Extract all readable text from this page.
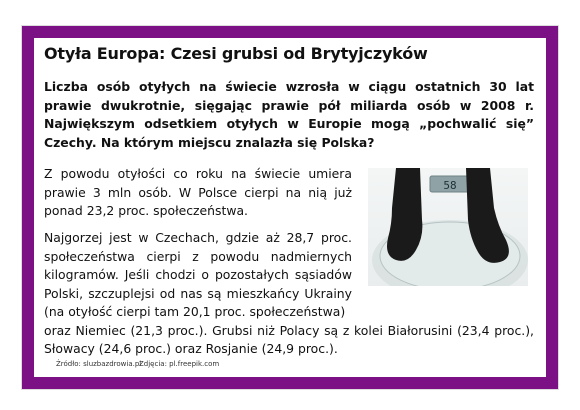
Otyła Europa: Czesi grubsi od Brytyjczyków

Liczba osób otyłych na świecie wzrosła w ciągu ostatnich 30 lat prawie dwukrotnie, sięgając prawie pół miliarda osób w 2008 r. Największym odsetkiem otyłych w Europie mogą „pochwalić się” Czechy. Na którym miejscu znalazła się Polska?

Z powodu otyłości co roku na świecie umiera prawie 3 mln osób. W Polsce cierpi na nią już ponad 23,2 proc. społeczeństwa.

Najgorzej jest w Czechach, gdzie aż 28,7 proc. społeczeństwa cierpi z powodu nadmiernych kilogramów. Jeśli chodzi o pozostałych sąsiadów Polski, szczuplejsi od nas są mieszkańcy Ukrainy (na otyłość cierpi tam 20,1 proc. społeczeństwa)
oraz Niemiec (21,3 proc.). Grubsi niż Polacy są z kolei Białorusini (23,4 proc.), Słowacy (24,6 proc.) oraz Rosjanie (24,9 proc.).

58

Źródło: sluzbazdrowia.pl

Zdjęcia: pl.freepik.com
